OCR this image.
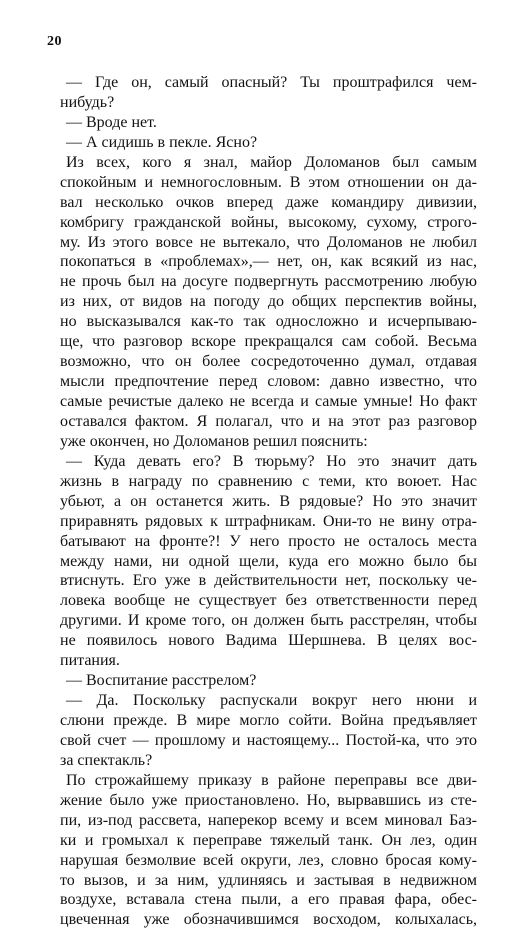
20
— Где он, самый опасный? Ты проштрафился чем-
нибудь?
— Вроде нет.
— А сидишь в пекле. Ясно?
Из всех, кого я знал, майор Доломанов был самым
спокойным и немногословным. В этом отношении он да-
вал несколько очков вперед даже командиру дивизии,
комбригу гражданской войны, высокому, сухому, строго-
му. Из этого вовсе не вытекало, что Доломанов не любил
покопаться в «проблемах»,— нет, он, как всякий из нас,
не прочь был на досуге подвергнуть рассмотрению любую
из них, от видов на погоду до общих перспектив войны,
но высказывался как-то так односложно и исчерпываю-
ще, что разговор вскоре прекращался сам собой. Весьма
возможно, что он более сосредоточенно думал, отдавая
мысли предпочтение перед словом: давно известно, что
самые речистые далеко не всегда и самые умные! Но факт
оставался фактом. Я полагал, что и на этот раз разговор
уже окончен, но Доломанов решил пояснить:
— Куда девать его? В тюрьму? Но это значит дать
жизнь в награду по сравнению с теми, кто воюет. Нас
убьют, а он останется жить. В рядовые? Но это значит
приравнять рядовых к штрафникам. Они-то не вину отра-
батывают на фронте?! У него просто не осталось места
между нами, ни одной щели, куда его можно было бы
втиснуть. Его уже в действительности нет, поскольку че-
ловека вообще не существует без ответственности перед
другими. И кроме того, он должен быть расстрелян, чтобы
не появилось нового Вадима Шершнева. В целях вос-
питания.
— Воспитание расстрелом?
— Да. Поскольку распускали вокруг него нюни и
слюни прежде. В мире могло сойти. Война предъявляет
свой счет — прошлому и настоящему... Постой-ка, что это
за спектакль?
По строжайшему приказу в районе переправы все дви-
жение было уже приостановлено. Но, вырвавшись из сте-
пи, из-под рассвета, наперекор всему и всем миновал Баз-
ки и громыхал к переправе тяжелый танк. Он лез, один
нарушая безмолвие всей округи, лез, словно бросая кому-
то вызов, и за ним, удлиняясь и застывая в недвижном
воздухе, вставала стена пыли, а его правая фара, обес-
цвеченная уже обозначившимся восходом, колыхалась,
